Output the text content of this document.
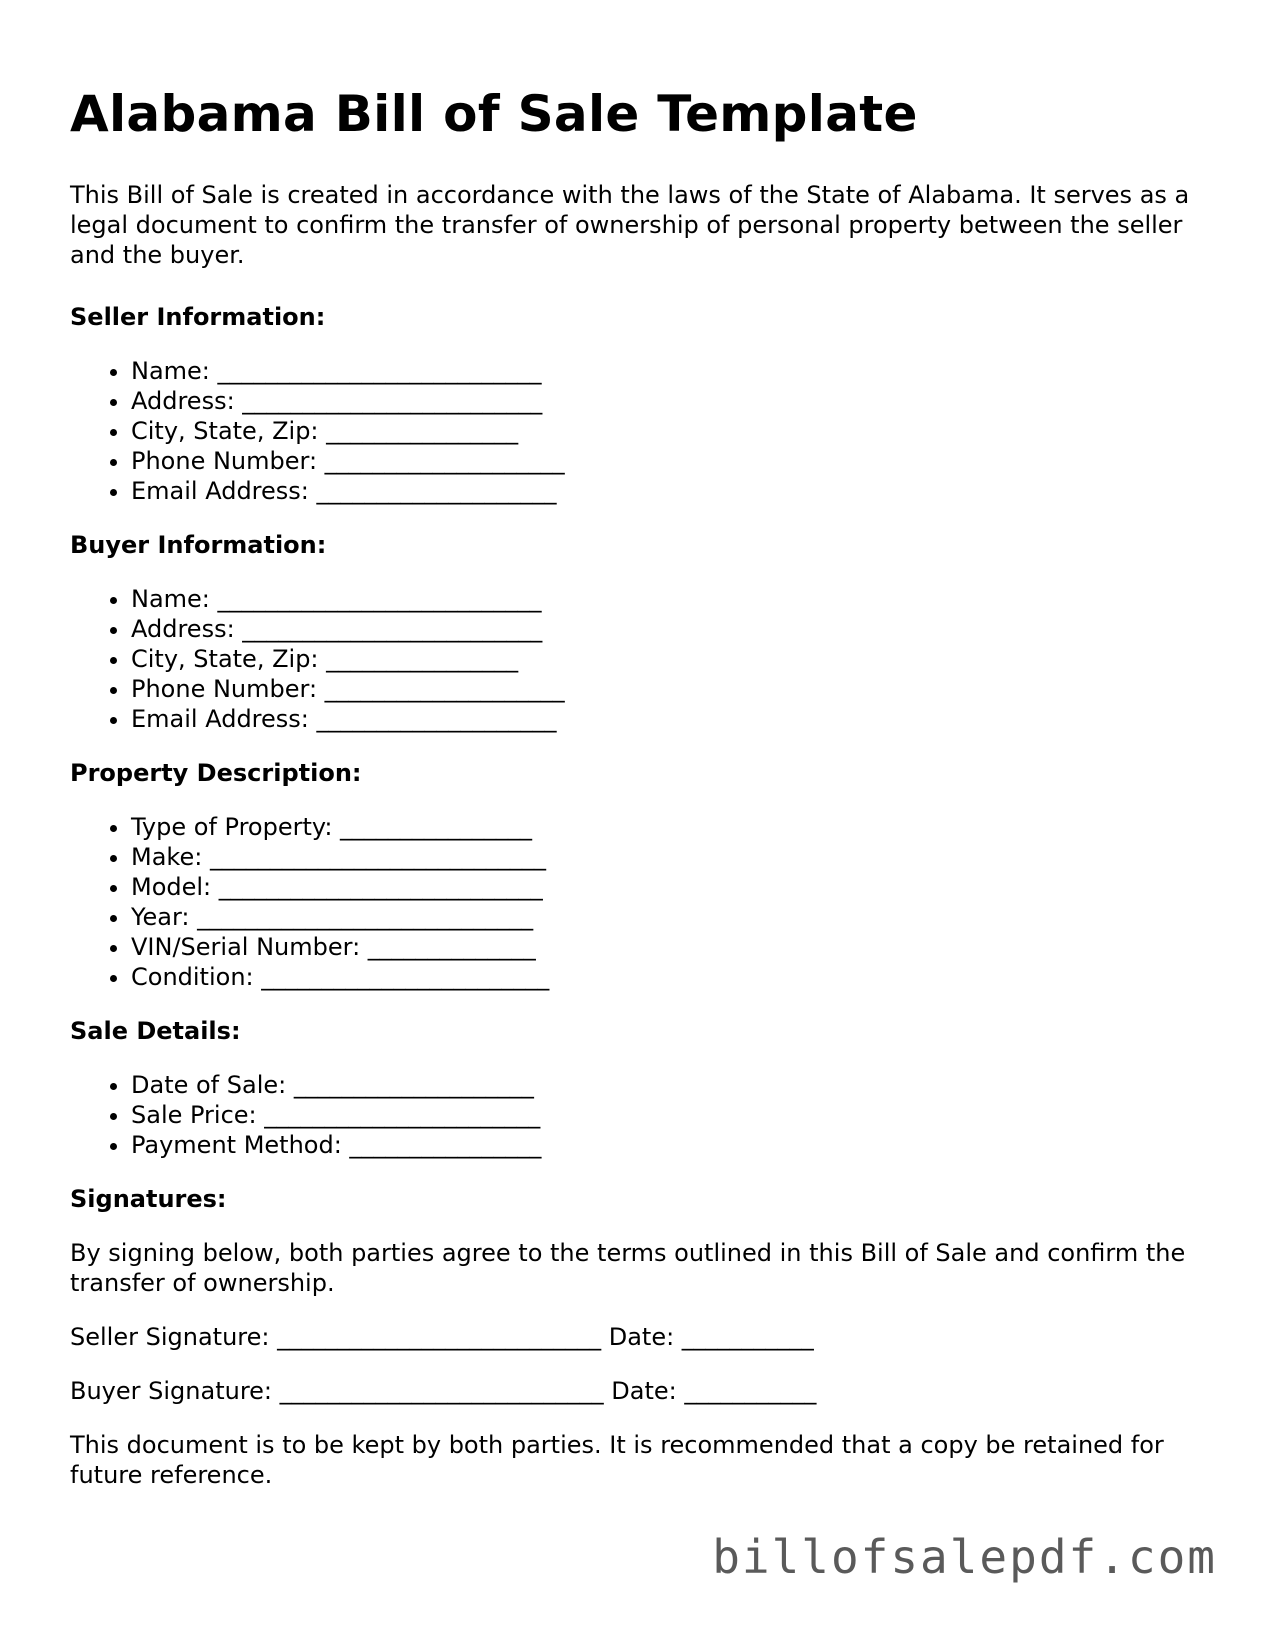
Alabama Bill of Sale Template

This Bill of Sale is created in accordance with the laws of the State of Alabama. It serves as a legal document to confirm the transfer of ownership of personal property between the seller and the buyer.

Seller Information:
• Name: ___________________________
• Address: _________________________
• City, State, Zip: ________________
• Phone Number: ____________________
• Email Address: ____________________
Buyer Information:
• Name: ___________________________
• Address: _________________________
• City, State, Zip: ________________
• Phone Number: ____________________
• Email Address: ____________________
Property Description:
• Type of Property: ________________
• Make: ____________________________
• Model: ___________________________
• Year: ____________________________
• VIN/Serial Number: ______________
• Condition: ________________________
Sale Details:
• Date of Sale: ____________________
• Sale Price: _______________________
• Payment Method: ________________
Signatures:

By signing below, both parties agree to the terms outlined in this Bill of Sale and confirm the transfer of ownership.

Seller Signature: ___________________________ Date: ___________

Buyer Signature: ___________________________ Date: ___________

This document is to be kept by both parties. It is recommended that a copy be retained for future reference.

billofsalepdf.com
